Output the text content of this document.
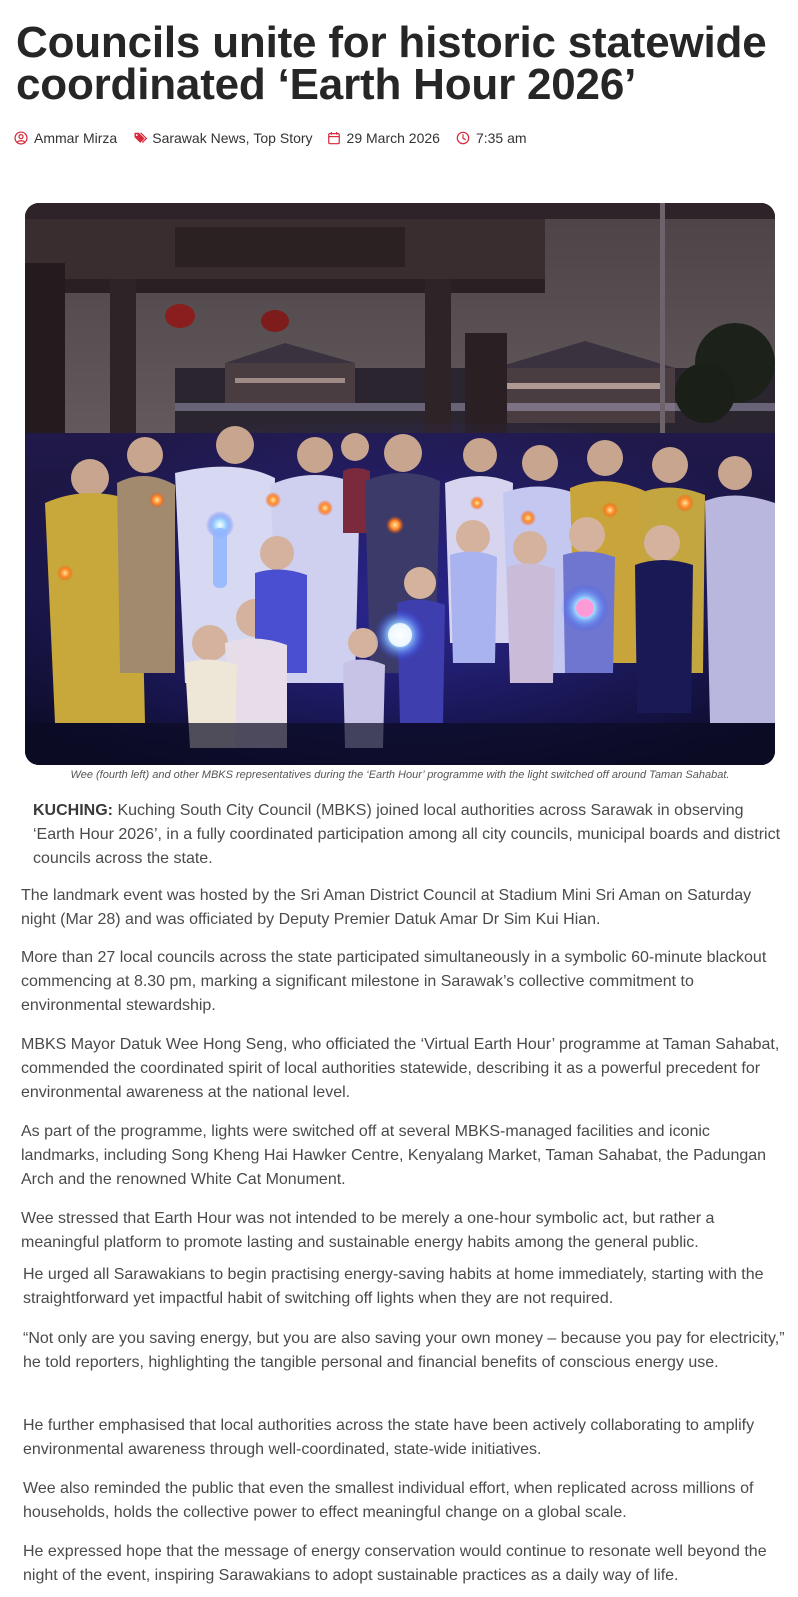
Councils unite for historic statewide coordinated ‘Earth Hour 2026’
Ammar Mirza	Sarawak News , Top Story 29 March 2026	7:35 am
Wee (fourth left) and other MBKS representatives during the ‘Earth Hour’ programme with the light switched off around Taman Sahabat.

KUCHING: Kuching South City Council (MBKS) joined local authorities across Sarawak in observing ‘Earth Hour 2026’, in a fully coordinated participation among all city councils, municipal boards and district councils across the state.

The landmark event was hosted by the Sri Aman District Council at Stadium Mini Sri Aman on Saturday night (Mar 28) and was officiated by Deputy Premier Datuk Amar Dr Sim Kui Hian.

More than 27 local councils across the state participated simultaneously in a symbolic 60-minute blackout commencing at 8.30 pm, marking a significant milestone in Sarawak’s collective commitment to environmental stewardship.

MBKS Mayor Datuk Wee Hong Seng, who officiated the ‘Virtual Earth Hour’ programme at Taman Sahabat, commended the coordinated spirit of local authorities statewide, describing it as a powerful precedent for environmental awareness at the national level.

As part of the programme, lights were switched off at several MBKS-managed facilities and iconic landmarks, including Song Kheng Hai Hawker Centre, Kenyalang Market, Taman Sahabat, the Padungan Arch and the renowned White Cat Monument.

Wee stressed that Earth Hour was not intended to be merely a one-hour symbolic act, but rather a meaningful platform to promote lasting and sustainable energy habits among the general public.

He urged all Sarawakians to begin practising energy-saving habits at home immediately, starting with the straightforward yet impactful habit of switching off lights when they are not required.

“Not only are you saving energy, but you are also saving your own money – because you pay for electricity,” he told reporters, highlighting the tangible personal and financial benefits of conscious energy use.

He further emphasised that local authorities across the state have been actively collaborating to amplify environmental awareness through well-coordinated, state-wide initiatives.

Wee also reminded the public that even the smallest individual effort, when replicated across millions of households, holds the collective power to effect meaningful change on a global scale.

He expressed hope that the message of energy conservation would continue to resonate well beyond the night of the event, inspiring Sarawakians to adopt sustainable practices as a daily way of life.
